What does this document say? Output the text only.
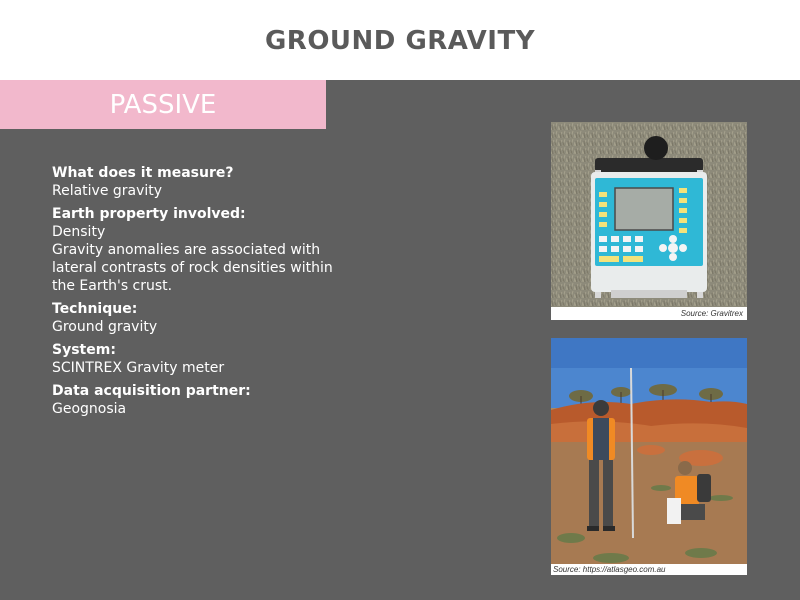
GROUND GRAVITY
PASSIVE
What does it measure?
Relative gravity
Earth property involved:
Density
Gravity anomalies are associated with lateral contrasts of rock densities within the Earth's crust.
Technique:
Ground gravity
System:
SCINTREX Gravity meter
Data acquisition partner:
Geognosia
Source: Gravitrex
Source: https://atlasgeo.com.au
